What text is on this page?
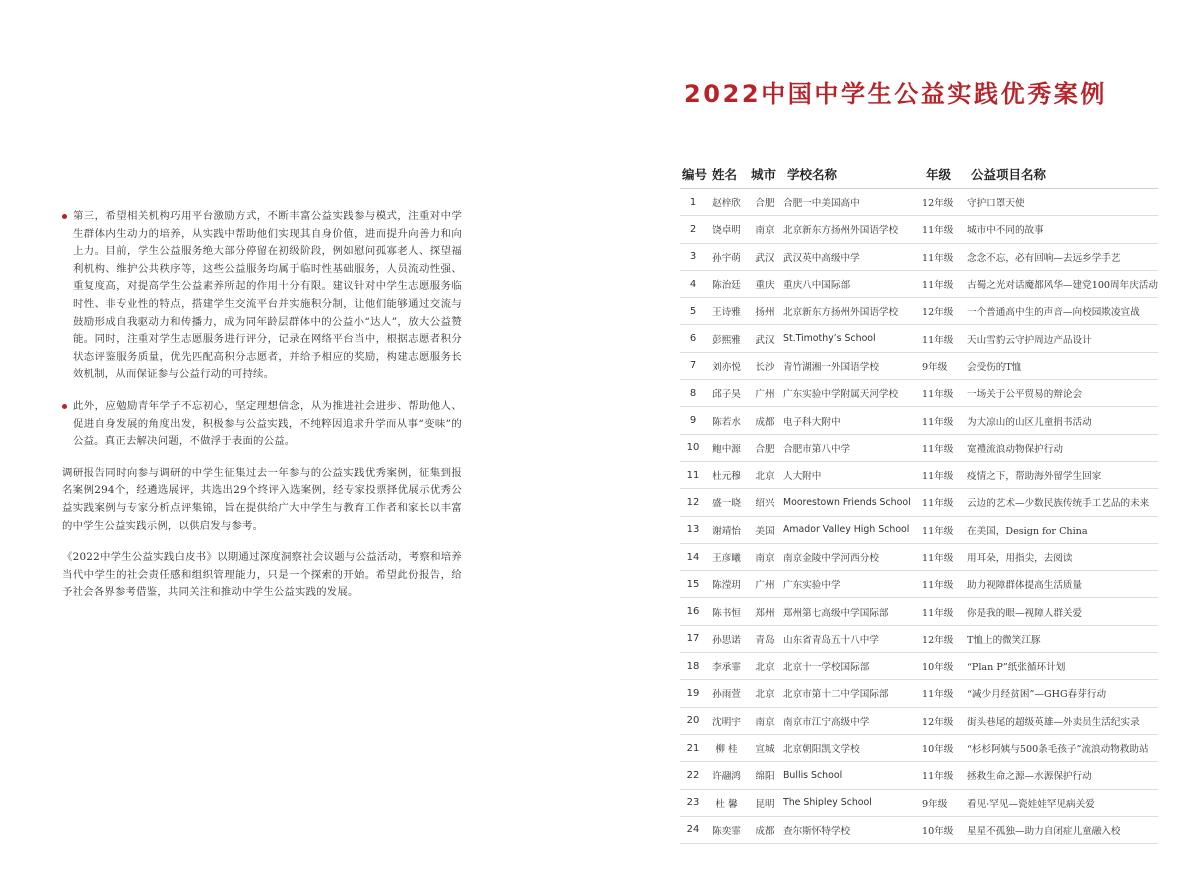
第三，希望相关机构巧用平台激励方式，不断丰富公益实践参与模式，注重对中学生群体内生动力的培养，从实践中帮助他们实现其自身价值，进而提升向善力和向上力。目前，学生公益服务绝大部分停留在初级阶段，例如慰问孤寡老人、探望福利机构、维护公共秩序等，这些公益服务均属于临时性基础服务，人员流动性强、重复度高，对提高学生公益素养所起的作用十分有限。建议针对中学生志愿服务临时性、非专业性的特点，搭建学生交流平台并实施积分制，让他们能够通过交流与鼓励形成自我驱动力和传播力，成为同年龄层群体中的公益小“达人”，放大公益赞能。同时，注重对学生志愿服务进行评分，记录在网络平台当中，根据志愿者积分状态评鉴服务质量，优先匹配高积分志愿者，并给予相应的奖励，构建志愿服务长效机制，从而保证参与公益行动的可持续。
此外，应勉励青年学子不忘初心，坚定理想信念，从为推进社会进步、帮助他人、促进自身发展的角度出发，积极参与公益实践，不纯粹因追求升学而从事“变味”的公益。真正去解决问题，不做浮于表面的公益。
调研报告同时向参与调研的中学生征集过去一年参与的公益实践优秀案例，征集到报名案例294个，经遴选展评，共选出29个终评入选案例，经专家投票择优展示优秀公益实践案例与专家分析点评集锦，旨在提供给广大中学生与教育工作者和家长以丰富的中学生公益实践示例，以供启发与参考。
《2022中学生公益实践白皮书》以期通过深度洞察社会议题与公益活动，考察和培养当代中学生的社会责任感和组织管理能力，只是一个探索的开始。希望此份报告，给予社会各界参考借鉴，共同关注和推动中学生公益实践的发展。
2022中国中学生公益实践优秀案例
编号 姓名	城市 学校名称	年级	公益项目名称
1	赵梓欣	合肥 合肥一中美国高中	12年级	守护口罩天使
2	饶卓明	南京 北京新东方扬州外国语学校	11年级	城市中不同的故事
3	孙宇萌	武汉 武汉英中高级中学	11年级	念念不忘，必有回响—去远乡学手艺
4	陈治廷	重庆 重庆八中国际部	11年级	古蜀之光对话魔都风华—建党100周年庆活动
5	王诗雅	扬州 北京新东方扬州外国语学校	12年级	一个普通高中生的声音—向校园欺凌宣战
6	彭熙雅	武汉 St.Timothy’s School	11年级	天山雪豹云守护周边产品设计
7	刘亦悦	长沙 青竹湖湘一外国语学校	9年级	会受伤的T恤
8	邱子昊	广州 广东实验中学附属天河学校	11年级	一场关于公平贸易的辩论会
9	陈若水	成都 电子科大附中	11年级	为大凉山的山区儿童捐书活动
10	鲍中源	合肥 合肥市第八中学	11年级	宽禮流浪动物保护行动
11	杜元穆	北京 人大附中	11年级	疫情之下，帮助海外留学生回家
12	盛一晓	绍兴 Moorestown Friends School	11年级	云边的艺术—少数民族传统手工艺品的未来
13	谢靖怡	美国 Amador Valley High School	11年级	在美国，Design for China
14	王彦曦	南京 南京金陵中学河西分校	11年级	用耳朵，用指尖，去阅读
15	陈滢玥	广州 广东实验中学	11年级	助力视障群体提高生活质量
16	陈书恒	郑州 郑州第七高级中学国际部	11年级	你是我的眼—视障人群关爱
17	孙思诺	青岛 山东省青岛五十八中学	12年级	T恤上的微笑江豚
18	李承霏	北京 北京十一学校国际部	10年级	“Plan P”纸张循环计划
19	孙雨萱	北京 北京市第十二中学国际部	11年级	“减少月经贫困”—GHG春芽行动
20	沈明宇	南京 南京市江宁高级中学	12年级	街头巷尾的超级英雄—外卖员生活纪实录
21	柳 桂	宣城 北京朝阳凯文学校	10年级	“杉杉阿姨与500条毛孩子”流浪动物救助站
22	许翮鸿	绵阳 Bullis School	11年级	拯救生命之源—水源保护行动
23	杜 馨	昆明 The Shipley School	9年级	看见·罕见—瓷娃娃罕见病关爱
24	陈奕霏	成都 查尔斯怀特学校	10年级	星星不孤独—助力自闭症儿童融入校
